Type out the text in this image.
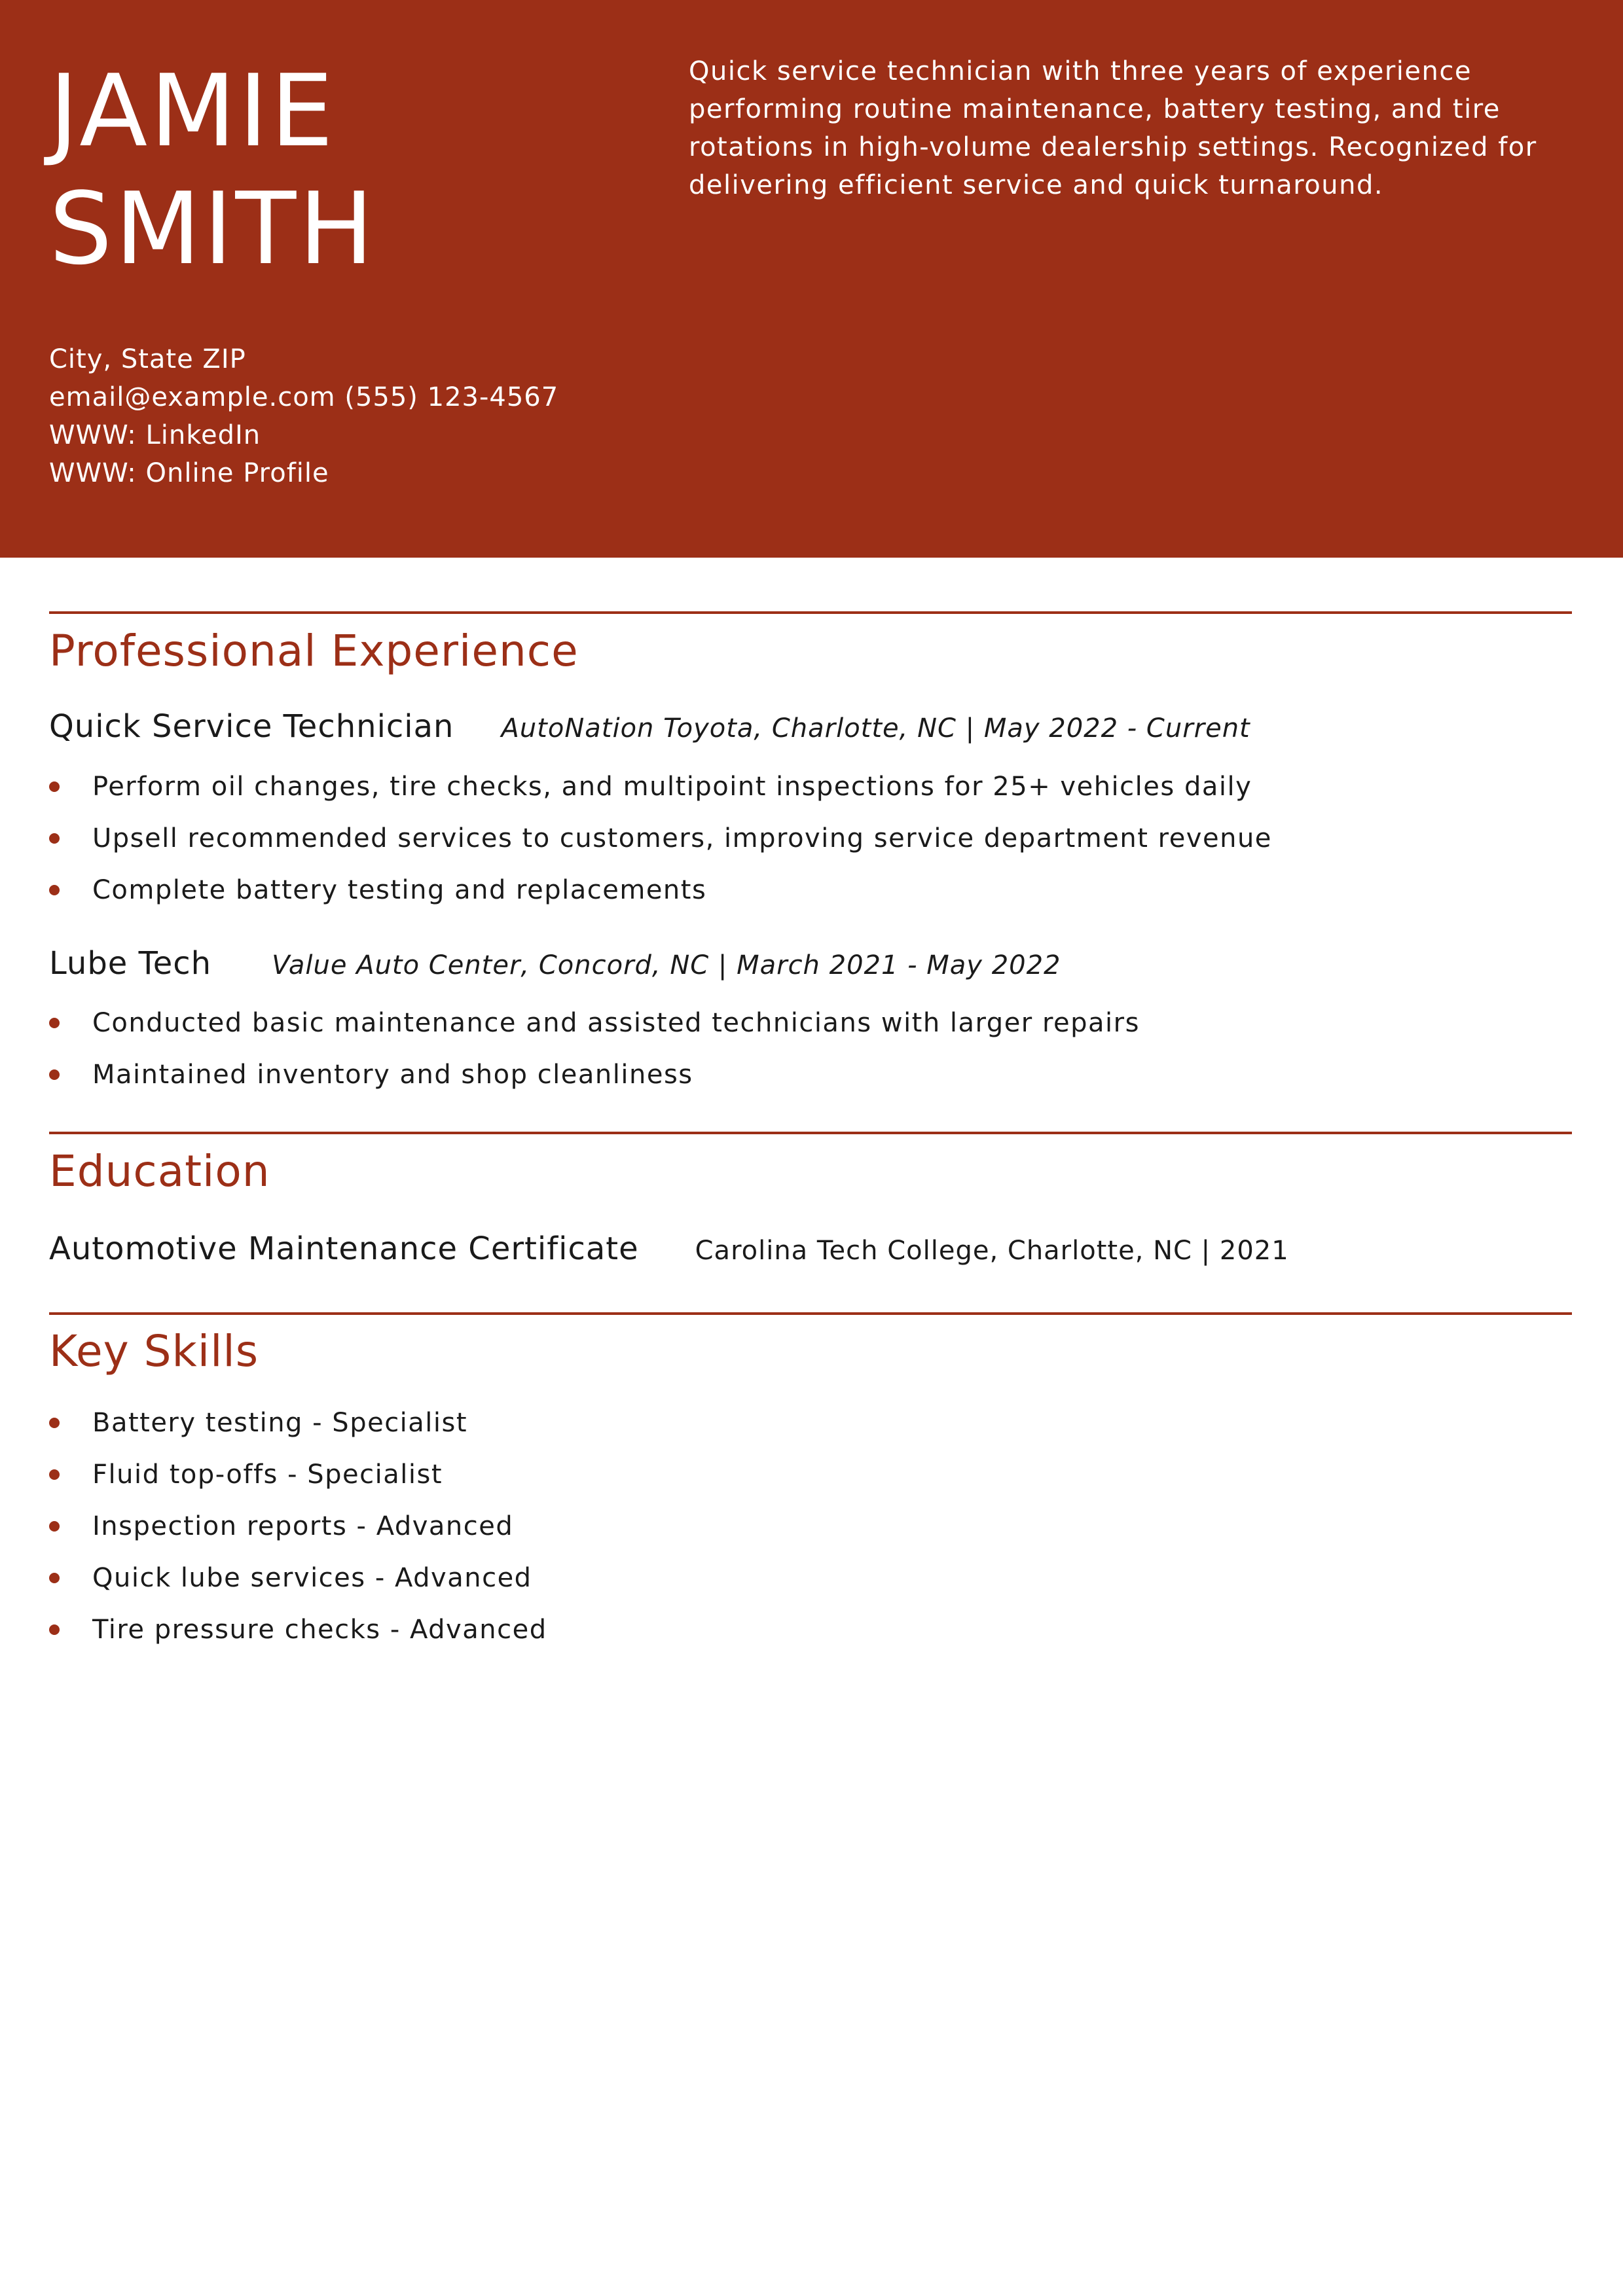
JAMIE
SMITH
City, State ZIP
email@example.com (555) 123-4567
WWW: LinkedIn
WWW: Online Profile

Quick service technician with three years of experience performing routine maintenance, battery testing, and tire rotations in high-volume dealership settings. Recognized for delivering efficient service and quick turnaround.

Professional Experience
Quick Service Technician AutoNation Toyota , Charlotte, NC | May 2022 - Current
Perform oil changes, tire checks, and multipoint inspections for 25+ vehicles daily
Upsell recommended services to customers, improving service department revenue
Complete battery testing and replacements
Lube Tech Value Auto Center , Concord, NC | March 2021 - May 2022
Conducted basic maintenance and assisted technicians with larger repairs
Maintained inventory and shop cleanliness
Education
Automotive Maintenance Certificate Carolina Tech College, Charlotte, NC | 2021
Key Skills
Battery testing - Specialist
Fluid top-offs - Specialist
Inspection reports - Advanced
Quick lube services - Advanced
Tire pressure checks - Advanced
